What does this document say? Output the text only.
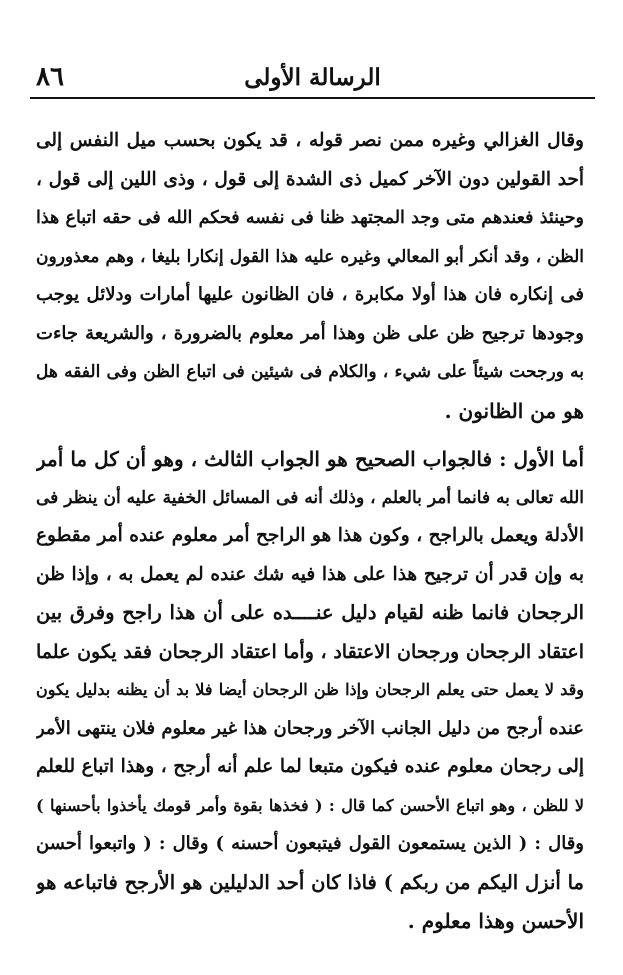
٨٦	الرسالة الأولى
وقال الغزالي وغيره ممن نصر قوله ، قد يكون بحسب ميل النفس إلى
أحد القولين دون الآخر كميل ذى الشدة إلى قول ، وذى اللين إلى قول ،
وحينئذ فعندهم متى وجد المجتهد ظنا فى نفسه فحكم الله فى حقه اتباع هذا
الظن ، وقد أنكر أبو المعالي وغيره عليه هذا القول إنكارا بليغا ، وهم معذورون
فى إنكاره فان هذا أولا مكابرة ، فان الظانون عليها أمارات ودلائل يوجب
وجودها ترجيح ظن على ظن وهذا أمر معلوم بالضرورة ، والشريعة جاءت
به ورجحت شيئاً على شيء ، والكلام فى شيئين فى اتباع الظن وفى الفقه هل
هو من الظانون .
أما الأول : فالجواب الصحيح هو الجواب الثالث ، وهو أن كل ما أمر
الله تعالى به فانما أمر بالعلم ، وذلك أنه فى المسائل الخفية عليه أن ينظر فى
الأدلة ويعمل بالراجح ، وكون هذا هو الراجح أمر معلوم عنده أمر مقطوع
به وإن قدر أن ترجيح هذا على هذا فيه شك عنده لم يعمل به ، وإذا ظن
الرجحان فانما ظنه لقيام دليل عنــــده على أن هذا راجح وفرق بين
اعتقاد الرجحان ورجحان الاعتقاد ، وأما اعتقاد الرجحان فقد يكون علما
وقد لا يعمل حتى يعلم الرجحان وإذا ظن الرجحان أيضا فلا بد أن يظنه بدليل يكون
عنده أرجح من دليل الجانب الآخر ورجحان هذا غير معلوم فلان ينتهى الأمر
إلى رجحان معلوم عنده فيكون متبعا لما علم أنه أرجح ، وهذا اتباع للعلم
لا للظن ، وهو اتباع الأحسن كما قال : ( فخذها بقوة وأمر قومك يأخذوا بأحسنها )
وقال : ( الذين يستمعون القول فيتبعون أحسنه ) وقال : ( واتبعوا أحسن
ما أنزل اليكم من ربكم ) فاذا كان أحد الدليلين هو الأرجح فاتباعه هو
الأحسن وهذا معلوم .
